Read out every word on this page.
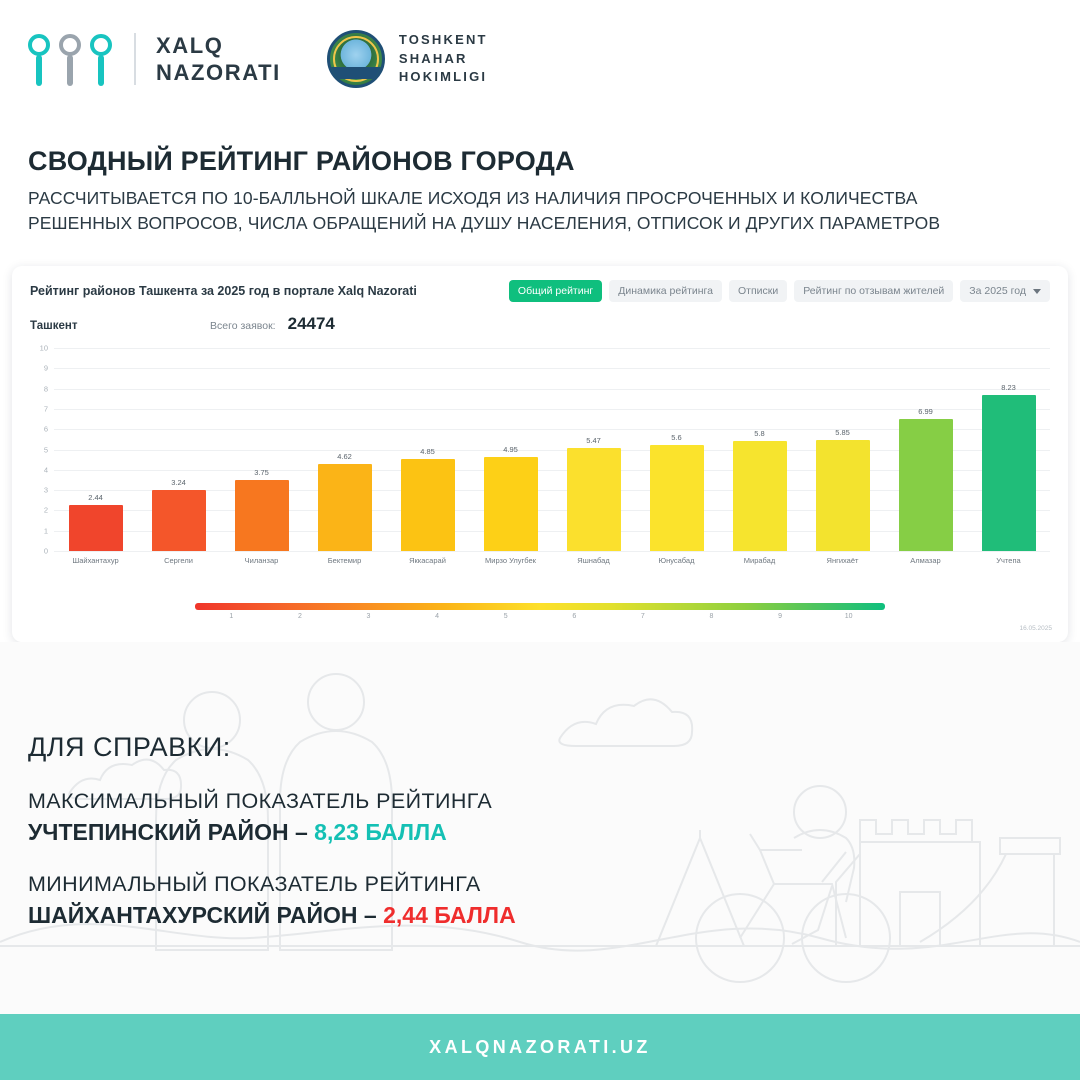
XALQ
NAZORATI
TOSHKENT
SHAHAR
HOKIMLIGI
СВОДНЫЙ РЕЙТИНГ РАЙОНОВ ГОРОДА
РАССЧИТЫВАЕТСЯ ПО 10-БАЛЛЬНОЙ ШКАЛЕ ИСХОДЯ ИЗ НАЛИЧИЯ ПРОСРОЧЕННЫХ И КОЛИЧЕСТВА
РЕШЕННЫХ ВОПРОСОВ, ЧИСЛА ОБРАЩЕНИЙ НА ДУШУ НАСЕЛЕНИЯ, ОТПИСОК И ДРУГИХ ПАРАМЕТРОВ
Рейтинг районов Ташкента за 2025 год в портале Xalq Nazorati	Общий рейтинг	Динамика рейтинга	Отписки	Рейтинг по отзывам жителей	За 2025 год
Ташкент	Всего заявок: 24474
10
9
8
7
6
5
4
3
2
1
0
2.44
3.24
3.75
4.62	4.85	4.95
5.47	5.6	5.8	5.85
6.99
8.23
Шайхантахур	Сергели	Чиланзар	Бектемир	Яккасарай	Мирзо Улугбек	Яшнабад	Юнусабад	Мирабад	Янгихаёт	Алмазар	Учтепа
1	2	3	4	5	6	7	8	9	10
16.05.2025
ДЛЯ СПРАВКИ:
МАКСИМАЛЬНЫЙ ПОКАЗАТЕЛЬ РЕЙТИНГА
УЧТЕПИНСКИЙ РАЙОН – 8,23 БАЛЛА
МИНИМАЛЬНЫЙ ПОКАЗАТЕЛЬ РЕЙТИНГА
ШАЙХАНТАХУРСКИЙ РАЙОН – 2,44 БАЛЛА
XALQNAZORATI.UZ
